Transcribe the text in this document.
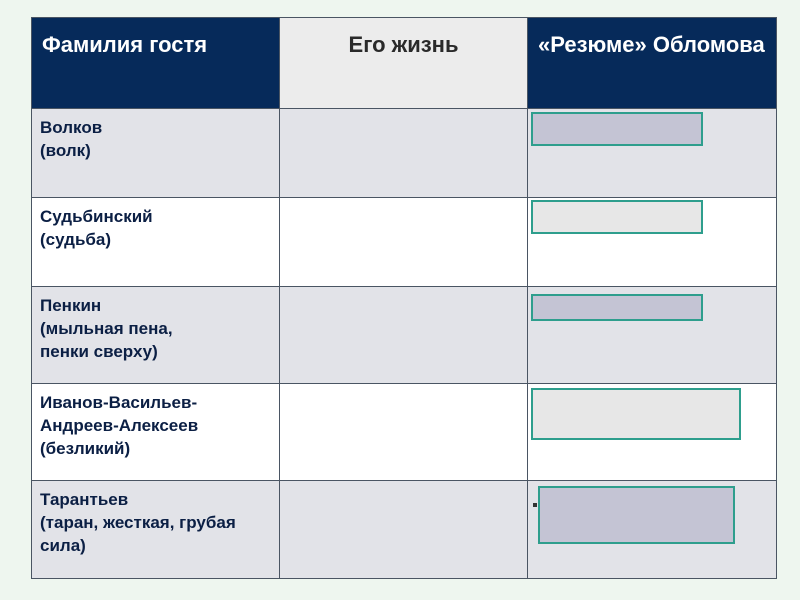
Фамилия гостя	Его жизнь	«Резюме» Обломова

Волков
(волк)		

Судьбинский
(судьба)		

Пенкин
(мыльная пена,
пенки сверху)		

Иванов-Васильев-
Андреев-Алексеев
(безликий)		

Тарантьев
(таран, жесткая, грубая
сила)		
